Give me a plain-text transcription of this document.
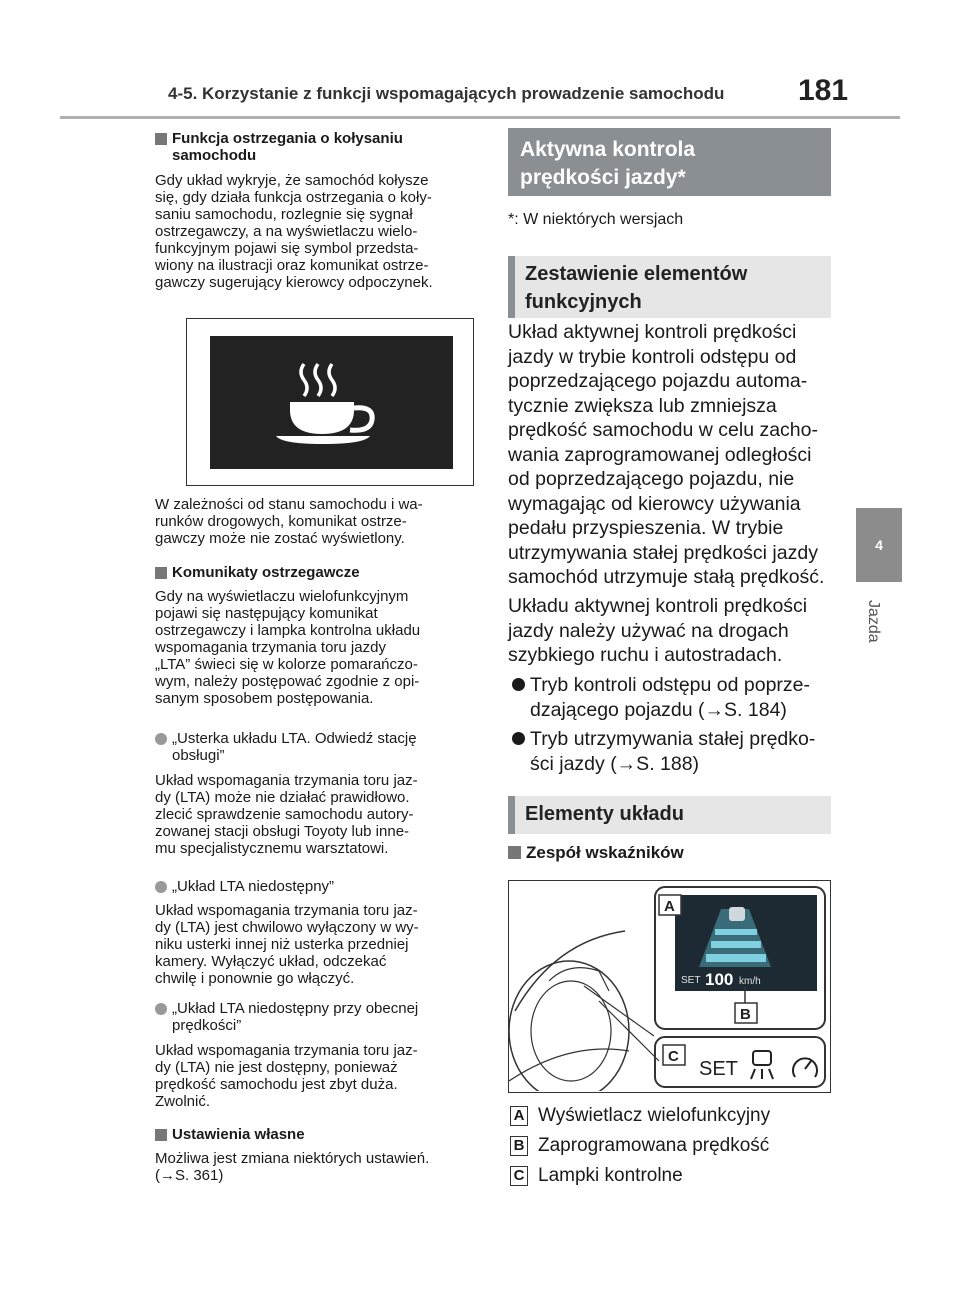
4-5. Korzystanie z funkcji wspomagających prowadzenie samochodu 181
4
Jazda
Funkcja ostrzegania o kołysaniu
samochodu
Gdy układ wykryje, że samochód kołysze
się, gdy działa funkcja ostrzegania o koły-
saniu samochodu, rozlegnie się sygnał
ostrzegawczy, a na wyświetlaczu wielo-
funkcyjnym pojawi się symbol przedsta-
wiony na ilustracji oraz komunikat ostrze-
gawczy sugerujący kierowcy odpoczynek.
W zależności od stanu samochodu i wa-
runków drogowych, komunikat ostrze-
gawczy może nie zostać wyświetlony.
Komunikaty ostrzegawcze
Gdy na wyświetlaczu wielofunkcyjnym
pojawi się następujący komunikat
ostrzegawczy i lampka kontrolna układu
wspomagania trzymania toru jazdy
„LTA” świeci się w kolorze pomarańczo-
wym, należy postępować zgodnie z opi-
sanym sposobem postępowania.
„Usterka układu LTA. Odwiedź stację
obsługi”
Układ wspomagania trzymania toru jaz-
dy (LTA) może nie działać prawidłowo.
zlecić sprawdzenie samochodu autory-
zowanej stacji obsługi Toyoty lub inne-
mu specjalistycznemu warsztatowi.
„Układ LTA niedostępny”
Układ wspomagania trzymania toru jaz-
dy (LTA) jest chwilowo wyłączony w wy-
niku usterki innej niż usterka przedniej
kamery. Wyłączyć układ, odczekać
chwilę i ponownie go włączyć.
„Układ LTA niedostępny przy obecnej
prędkości”
Układ wspomagania trzymania toru jaz-
dy (LTA) nie jest dostępny, ponieważ
prędkość samochodu jest zbyt duża.
Zwolnić.
Ustawienia własne
Możliwa jest zmiana niektórych ustawień.
(→S. 361)
Aktywna kontrola
prędkości jazdy*
*: W niektórych wersjach
Zestawienie elementów
funkcyjnych
Układ aktywnej kontroli prędkości
jazdy w trybie kontroli odstępu od
poprzedzającego pojazdu automa-
tycznie zwiększa lub zmniejsza
prędkość samochodu w celu zacho-
wania zaprogramowanej odległości
od poprzedzającego pojazdu, nie
wymagając od kierowcy używania
pedału przyspieszenia. W trybie
utrzymywania stałej prędkości jazdy
samochód utrzymuje stałą prędkość.
Układu aktywnej kontroli prędkości
jazdy należy używać na drogach
szybkiego ruchu i autostradach.
Tryb kontroli odstępu od poprze-
dzającego pojazdu (→S. 184)
Tryb utrzymywania stałej prędko-
ści jazdy (→S. 188)
Elementy układu
Zespół wskaźników
SET 100 km/h
A
B
C
SET
A Wyświetlacz wielofunkcyjny
B Zaprogramowana prędkość
C Lampki kontrolne
